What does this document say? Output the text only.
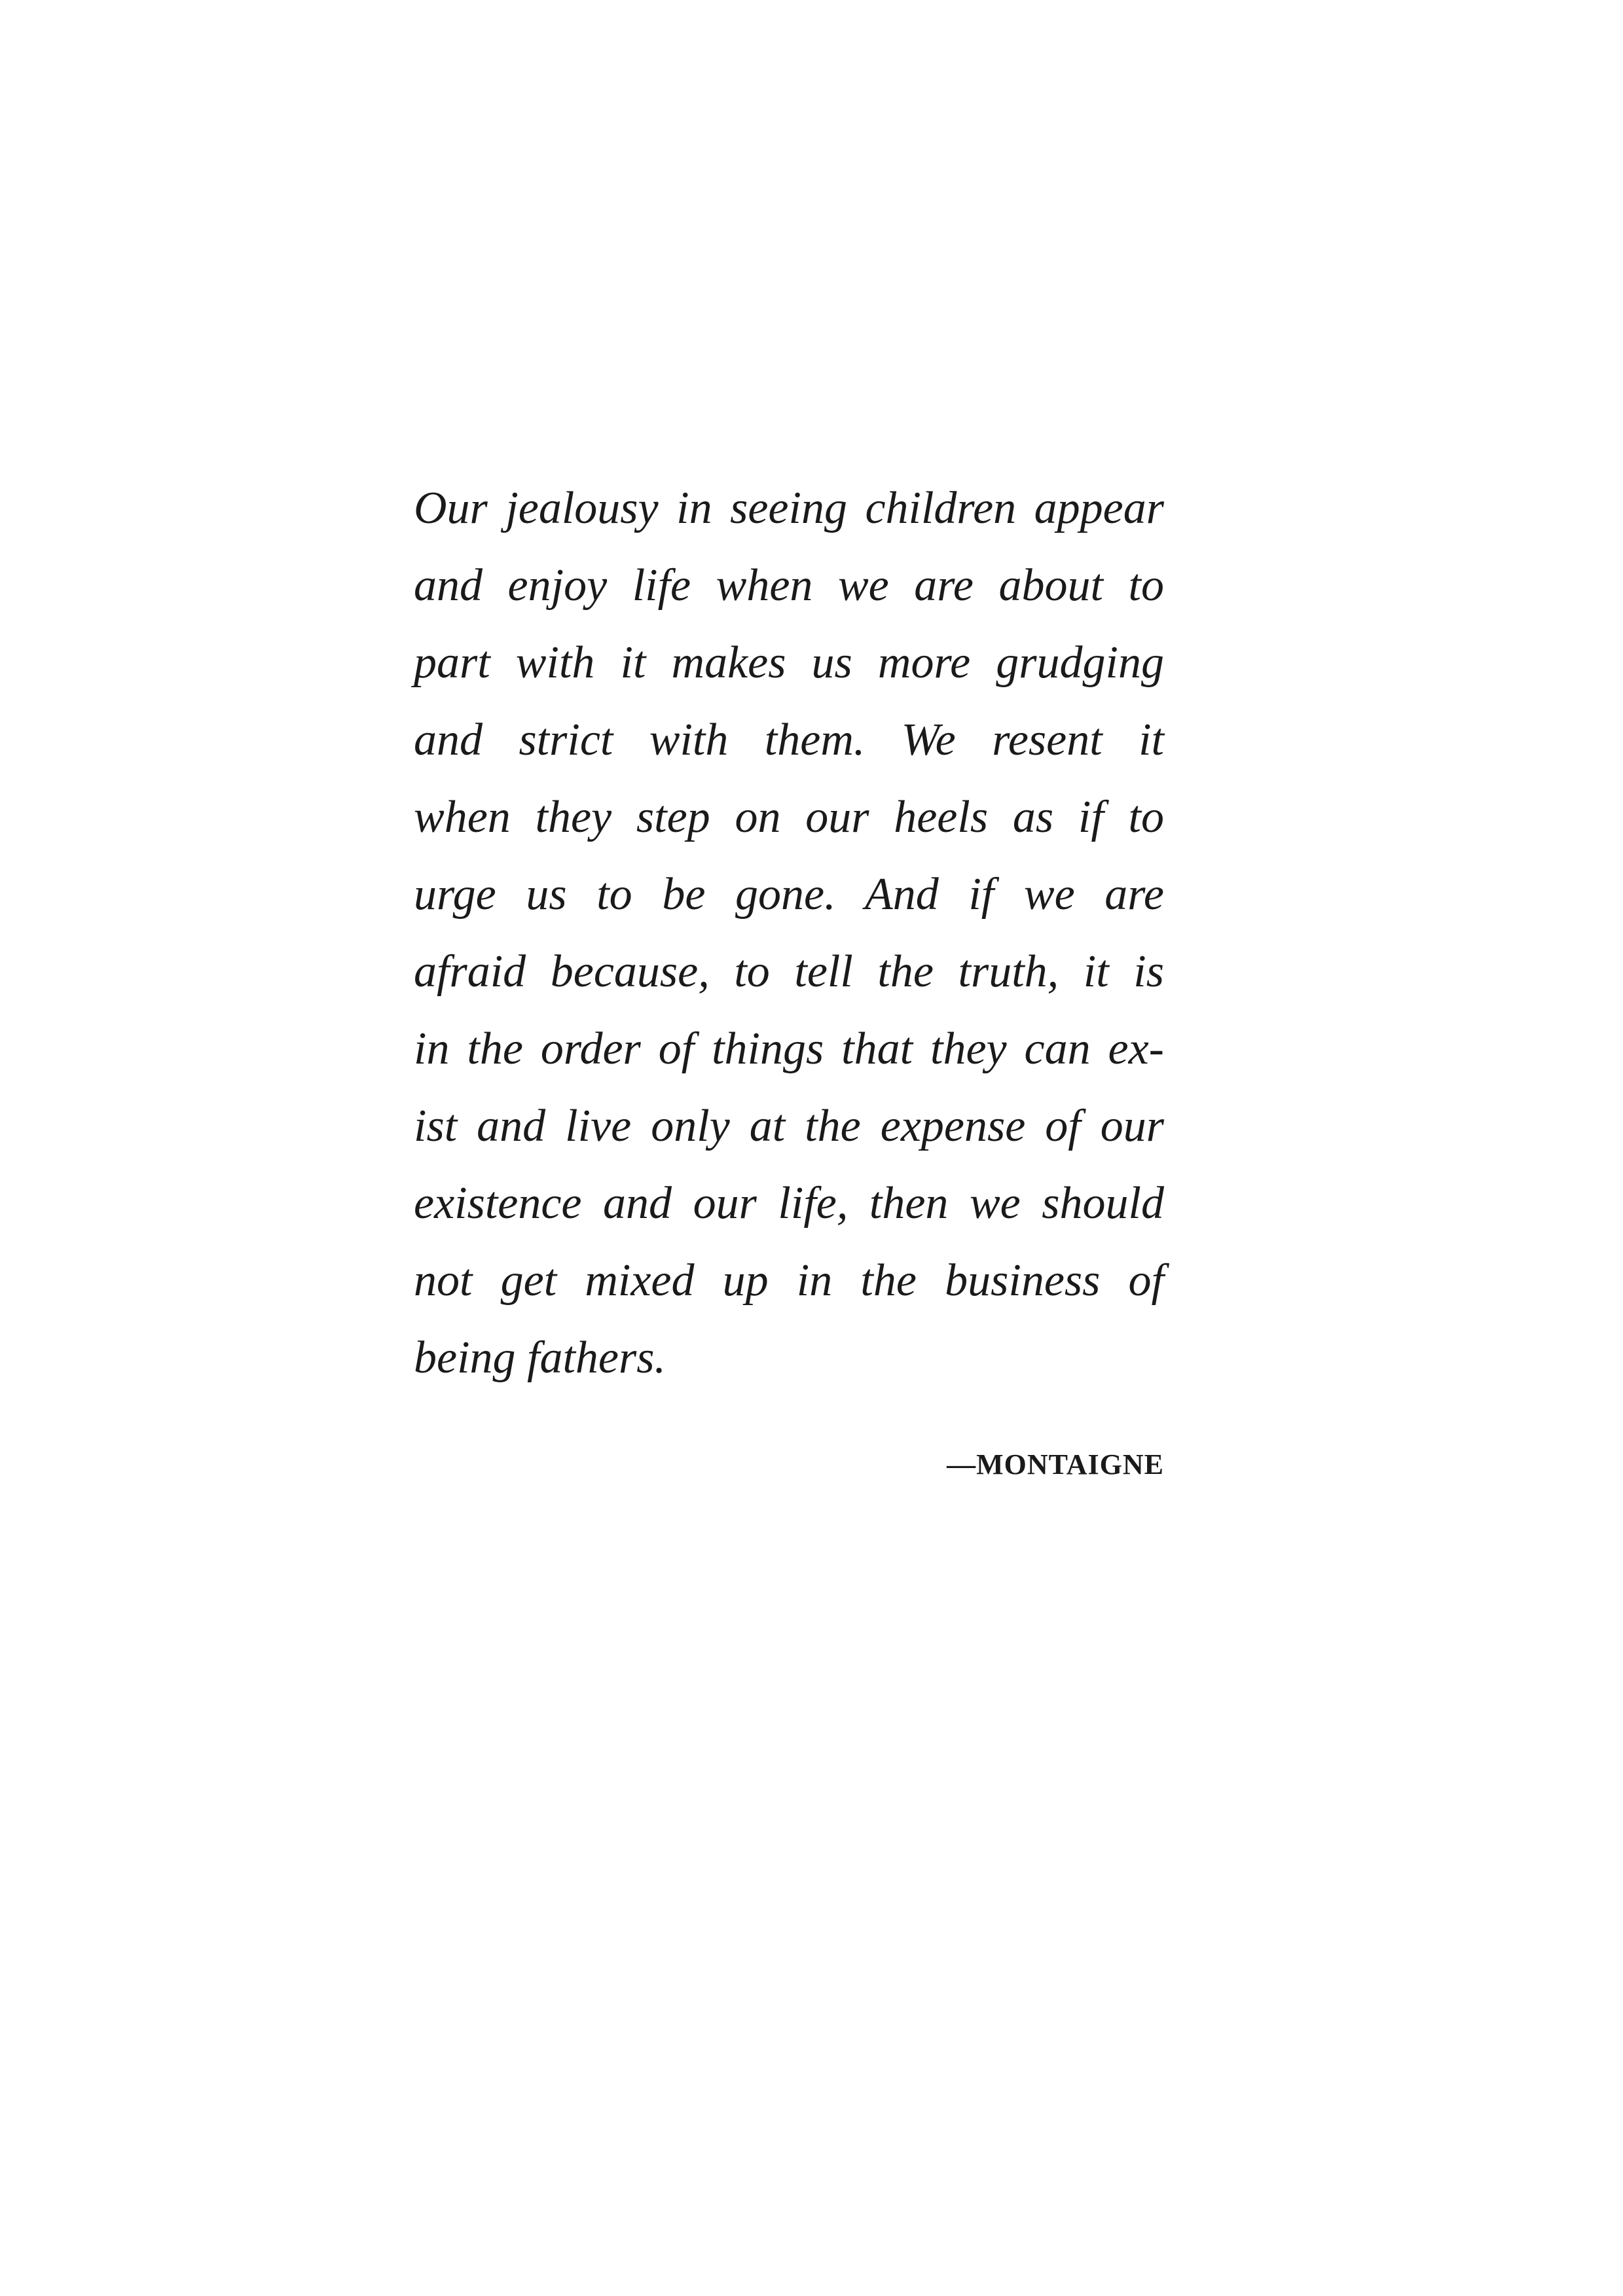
Our jealousy in seeing children appear
and enjoy life when we are about to
part with it makes us more grudging
and strict with them. We resent it
when they step on our heels as if to
urge us to be gone. And if we are
afraid because, to tell the truth, it is
in the order of things that they can ex-
ist and live only at the expense of our
existence and our life, then we should
not get mixed up in the business of
being fathers.
—MONTAIGNE
